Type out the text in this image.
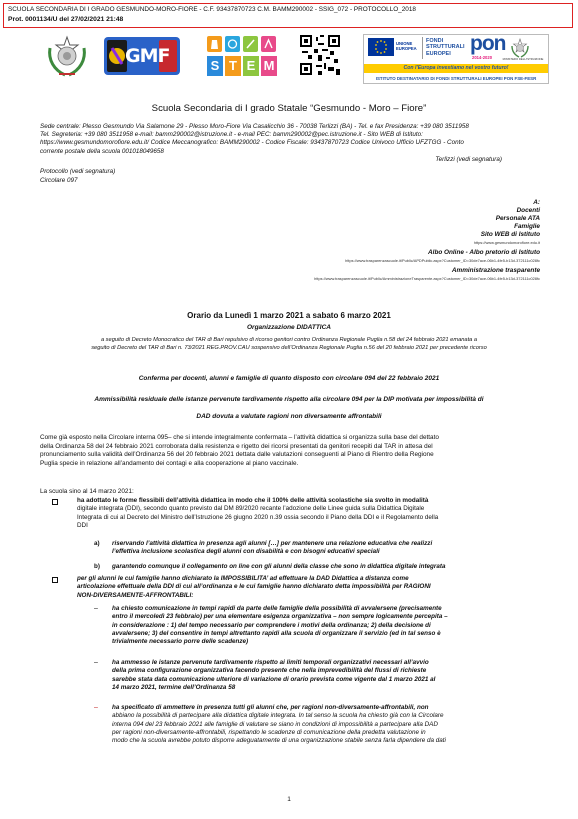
SCUOLA SECONDARIA DI I GRADO GESMUNDO-MORO-FIORE - C.F. 93437870723 C.M. BAMM290002 - SSIG_072 - PROTOCOLLO_2018
Prot. 0001134/U del 27/02/2021 21:48
GMF	S T E M
UNIONE EUROPEA
FONDI STRUTTURALI EUROPEI pon
2014-2020	MINISTERO DELL'ISTRUZIONE
Con l'Europa investiamo nel vostro futuro!
ISTITUTO DESTINATARIO DI FONDI STRUTTURALI EUROPEI PON FSE-FESR
Scuola Secondaria di I grado Statale “Gesmundo - Moro – Fiore”
Sede centrale: Plesso Gesmundo Via Salamone 29 - Plesso Moro-Fiore Via Casalicchio 36 - 70038 Terlizzi (BA) - Tel. e fax Presidenza: +39 080 3511958
Tel. Segreteria: +39 080 3511958 e-mail: bamm290002@istruzione.it - e-mail PEC: bamm290002@pec.istruzione.it - Sito WEB di Istituto:
https://www.gesmundomorofiore.edu.it/ Codice Meccanografico: BAMM290002 - Codice Fiscale: 93437870723 Codice Univoco Ufficio UFZTGG - Conto
corrente postale della scuola 001018049658
Terlizzi (vedi segnatura)
Protocollo (vedi segnatura)
Circolare 097
A:
Docenti
Personale ATA
Famiglie
Sito WEB di Istituto
https://www.gesmundomorofiore.edu.it
Albo Online - Albo pretorio di Istituto
https://www.trasparenzascuole.it/Public/APDPublic.aspx?Customer_ID=30de7ace-06b1-4fe5-b13d-372111c028fc
Amministrazione trasparente
https://www.trasparenzascuole.it/Public/AmministrazioneTrasparente.aspx?Customer_ID=30de7ace-06b1-4fe5-b13d-372111c028fc
Orario da Lunedì 1 marzo 2021 a sabato 6 marzo 2021
Organizzazione DIDATTICA
a seguito di Decreto Monocratico del TAR di Bari repulsivo di ricorso genitori contro Ordinanza Regionale Puglia n.58 del 24 febbraio 2021 emanata a
seguito di Decreto del TAR di Bari n. 73/2021 REG.PROV.CAU sospensivo dell’Ordinanza Regionale Puglia n.56 del 20 febbraio 2021 per precedente ricorso
Conferma per docenti, alunni e famiglie di quanto disposto con circolare 094 del 22 febbraio 2021
Ammissibilità residuale delle istanze pervenute tardivamente rispetto alla circolare 094 per la DIP motivata per impossibilità di
DAD dovuta a valutate ragioni non diversamente affrontabili
Come già esposto nella Circolare interna 095– che si intende integralmente confermata – l’attività didattica si organizza sulla base del dettato
della Ordinanza 58 del 24 febbraio 2021 corroborata dalla resistenza e rigetto dei ricorsi presentati da genitori recepiti dal TAR in attesa del
pronunciamento sulla validità dell’Ordinanza 56 del 20 febbraio 2021 dettata dalle valutazioni conseguenti al Piano di Rientro della Regione
Puglia specie in relazione all’andamento dei contagi e alla cooperazione al piano vaccinale.
La scuola sino al 14 marzo 2021:
ha adottato le forme flessibili dell’attività didattica in modo che il 100% delle attività scolastiche sia svolto in modalità
digitale integrata (DDI), secondo quanto previsto dal DM 89/2020 recante l’adozione delle Linee guida sulla Didattica Digitale
Integrata di cui al Decreto del Ministro dell’Istruzione 26 giugno 2020 n.39 ossia secondo il Piano della DDI e il Regolamento della
DDI
a) riservando l’attività didattica in presenza agli alunni […] per mantenere una relazione educativa che realizzi
l’effettiva inclusione scolastica degli alunni con disabilità e con bisogni educativi speciali
b) garantendo comunque il collegamento on line con gli alunni della classe che sono in didattica digitale integrata
per gli alunni le cui famiglie hanno dichiarato la IMPOSSIBILITA’ ad effettuare la DAD Didattica a distanza come
articolazione effettuale della DDI di cui all’ordinanza e le cui famiglie hanno dichiarato detta impossibilità per RAGIONI
NON-DIVERSAMENTE-AFFRONTABILI:
– ha chiesto comunicazione in tempi rapidi da parte delle famiglie della possibilità di avvalersene (precisamente
entro il mercoledì 23 febbraio) per una elementare esigenza organizzativa – non sempre logicamente percepita –
in considerazione : 1) del tempo necessario per comprendere i motivi della ordinanza; 2) della decisione di
avvalersene; 3) del consentire in tempi altrettanto rapidi alla scuola di organizzare il servizio (ed in tal senso è
trivialmente necessario porre delle scadenze)
– ha ammesso le istanze pervenute tardivamente rispetto ai limiti temporali organizzativi necessari all’avvio
della prima configurazione organizzativa facendo presente che nella imprevedibilità del flussi di richieste
sarebbe stata data comunicazione ulteriore di variazione di orario prevista come vigente dal 1 marzo 2021 al
14 marzo 2021, termine dell’Ordinanza 58
– ha specificato di ammettere in presenza tutti gli alunni che, per ragioni non-diversamente-affrontabili, non
abbiano la possibilità di partecipare alla didattica digitale integrata. In tal senso la scuola ha chiesto già con la Circolare
interna 094 del 23 febbraio 2021 alle famiglie di valutare se siano in condizioni di impossibilità a partecipare alla DAD
per ragioni non-diversamente-affrontabili, rispettando le scadenze di comunicazione della predetta valutazione in
modo che la scuola avrebbe potuto disporre adeguatamente di una organizzazione stabile senza farla dipendere da dati
1
